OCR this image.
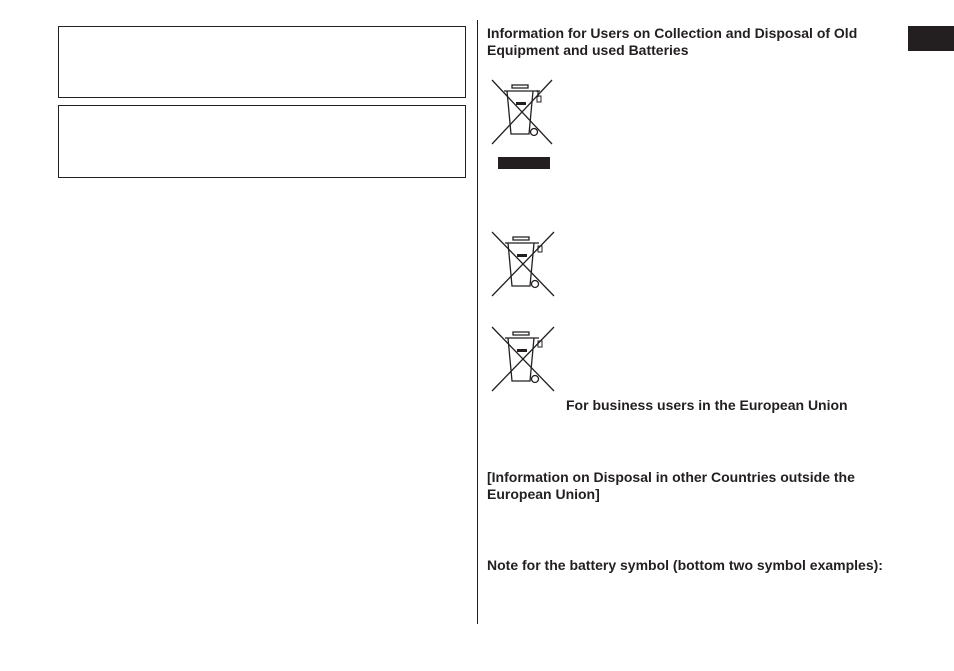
Information for Users on Collection and Disposal of Old Equipment and used Batteries
For business users in the European Union
[Information on Disposal in other Countries outside the European Union]
Note for the battery symbol (bottom two symbol examples):
